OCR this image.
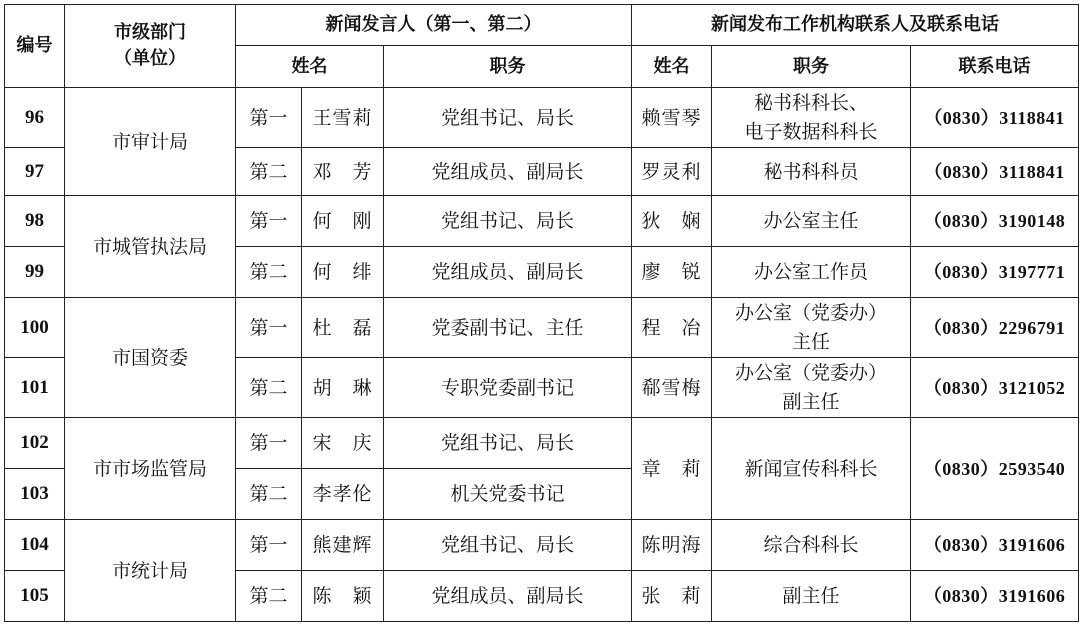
编号	市级部门
（单位）	新闻发言人（第一、第二）			新闻发布工作机构联系人及联系电话		
		姓名		职务	姓名	职务	联系电话
96	市审计局	第一	王雪莉	党组书记、局长	赖雪琴	秘书科科长、
电子数据科科长	（0830）3118841
97		第二	邓　芳	党组成员、副局长	罗灵利	秘书科科员	（0830）3118841
98	市城管执法局	第一	何　刚	党组书记、局长	狄　娴	办公室主任	（0830）3190148
99		第二	何　绯	党组成员、副局长	廖　锐	办公室工作员	（0830）3197771
100	市国资委	第一	杜　磊	党委副书记、主任	程　冶	办公室（党委办）
主任	（0830）2296791
101		第二	胡　琳	专职党委副书记	郗雪梅	办公室（党委办）
副主任	（0830）3121052
102	市市场监管局	第一	宋　庆	党组书记、局长	章　莉	新闻宣传科科长	（0830）2593540
103		第二	李孝伦	机关党委书记			
104	市统计局	第一	熊建辉	党组书记、局长	陈明海	综合科科长	（0830）3191606
105		第二	陈　颖	党组成员、副局长	张　莉	副主任	（0830）3191606
